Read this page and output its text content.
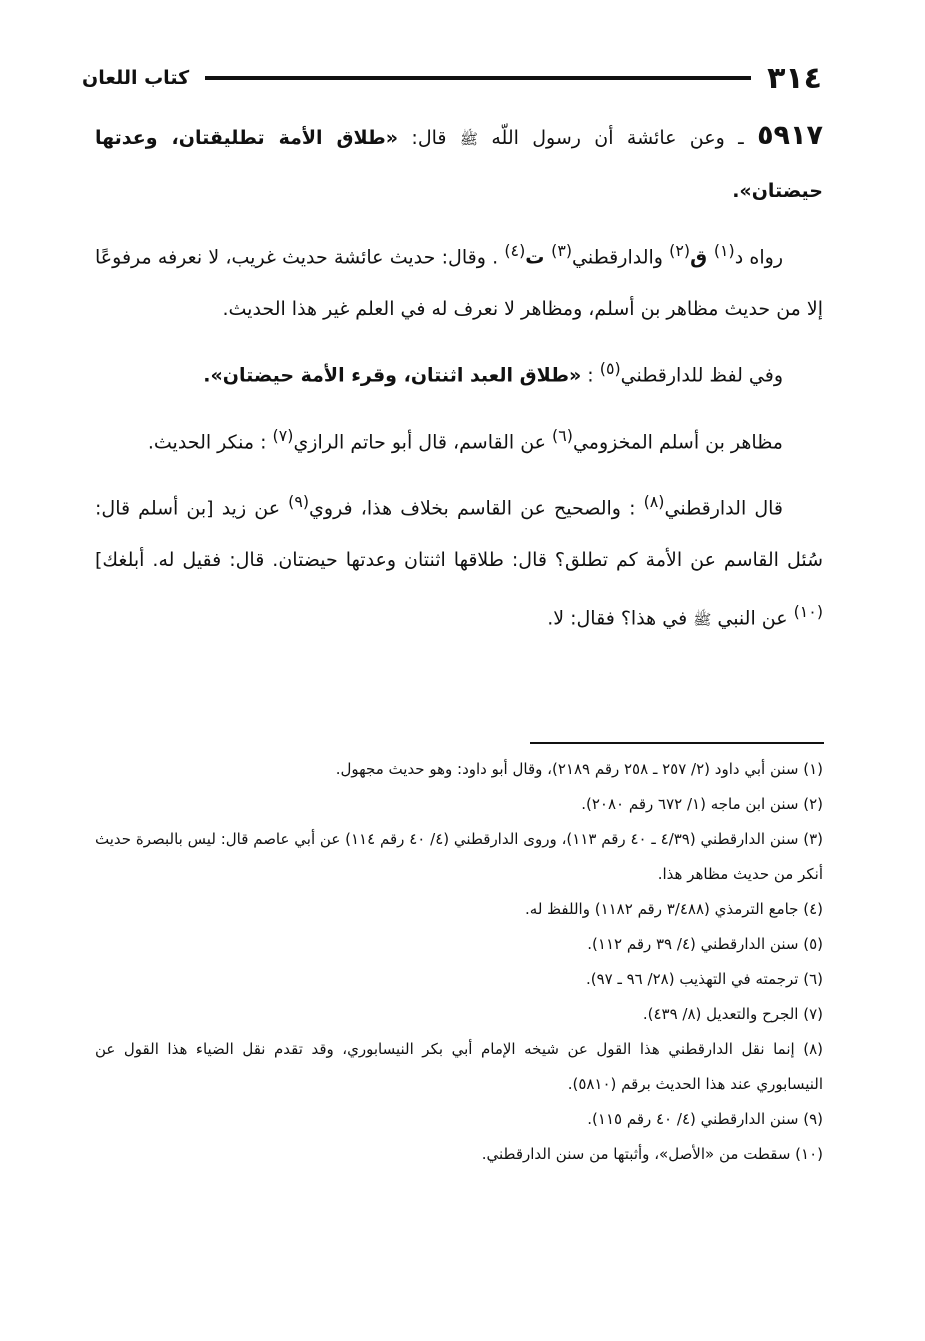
٣١٤
كتاب اللعان

٥٩١٧ ـ وعن عائشة أن رسول اللّه ﷺ قال: «طلاق الأمة تطليقتان، وعدتها حيضتان».

رواه د$^{(١)}$ ق$^{(٢)}$ والدارقطني$^{(٣)}$ ت$^{(٤)}$ . وقال: حديث عائشة حديث غريب، لا نعرفه مرفوعًا إلا من حديث مظاهر بن أسلم، ومظاهر لا نعرف له في العلم غير هذا الحديث.

وفي لفظ للدارقطني$^{(٥)}$ : «طلاق العبد اثنتان، وقرء الأمة حيضتان».

مظاهر بن أسلم المخزومي$^{(٦)}$ عن القاسم، قال أبو حاتم الرازي$^{(٧)}$ : منكر الحديث.

قال الدارقطني$^{(٨)}$ : والصحيح عن القاسم بخلاف هذا، فروي$^{(٩)}$ عن زيد [بن أسلم قال: سُئل القاسم عن الأمة كم تطلق؟ قال: طلاقها اثنتان وعدتها حيضتان. قال: فقيل له. أبلغك]$^{(١٠)}$ عن النبي ﷺ في هذا؟ فقال: لا.

(١) سنن أبي داود (٢/ ٢٥٧ ـ ٢٥٨ رقم ٢١٨٩)، وقال أبو داود: وهو حديث مجهول.

(٢) سنن ابن ماجه (١/ ٦٧٢ رقم ٢٠٨٠).

(٣) سنن الدارقطني (٤/٣٩ ـ ٤٠ رقم ١١٣)، وروى الدارقطني (٤/ ٤٠ رقم ١١٤) عن أبي عاصم قال: ليس بالبصرة حديث أنكر من حديث مظاهر هذا.

(٤) جامع الترمذي (٣/٤٨٨ رقم ١١٨٢) واللفظ له.

(٥) سنن الدارقطني (٤/ ٣٩ رقم ١١٢).

(٦) ترجمته في التهذيب (٢٨/ ٩٦ ـ ٩٧).

(٧) الجرح والتعديل (٨/ ٤٣٩).

(٨) إنما نقل الدارقطني هذا القول عن شيخه الإمام أبي بكر النيسابوري، وقد تقدم نقل الضياء هذا القول عن النيسابوري عند هذا الحديث برقم (٥٨١٠).

(٩) سنن الدارقطني (٤/ ٤٠ رقم ١١٥).

(١٠) سقطت من «الأصل»، وأثبتها من سنن الدارقطني.
